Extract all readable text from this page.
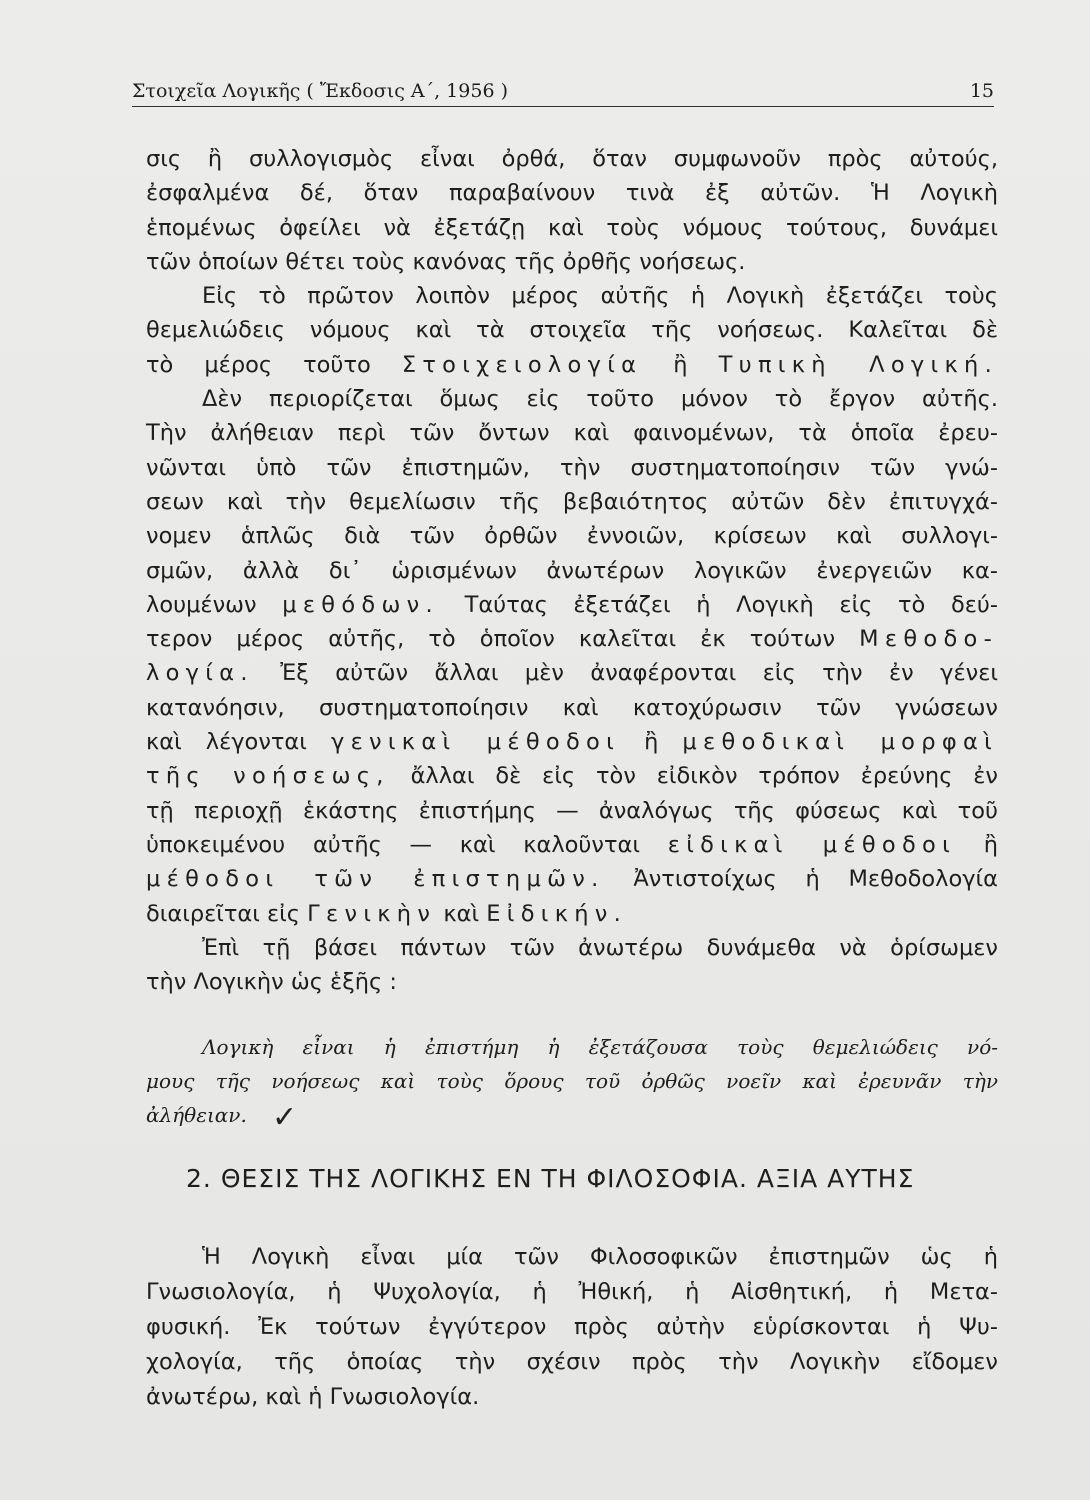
Στοιχεῖα Λογικῆς ( Ἔκδοσις Α΄, 1956 )	15
σις ἢ συλλογισμὸς εἶναι ὀρθά, ὅταν συμφωνοῦν πρὸς αὐτούς,
ἐσφαλμένα δέ, ὅταν παραβαίνουν τινὰ ἐξ αὐτῶν. Ἡ Λογικὴ
ἑπομένως ὀφείλει νὰ ἐξετάζῃ καὶ τοὺς νόμους τούτους, δυνάμει
τῶν ὁποίων θέτει τοὺς κανόνας τῆς ὀρθῆς νοήσεως.
Εἰς τὸ πρῶτον λοιπὸν μέρος αὐτῆς ἡ Λογικὴ ἐξετάζει τοὺς
θεμελιώδεις νόμους καὶ τὰ στοιχεῖα τῆς νοήσεως. Καλεῖται δὲ
τὸ μέρος τοῦτο Στοιχειολογία ἢ Τυπικὴ Λογική.
Δὲν περιορίζεται ὅμως εἰς τοῦτο μόνον τὸ ἔργον αὐτῆς.
Τὴν ἀλήθειαν περὶ τῶν ὄντων καὶ φαινομένων, τὰ ὁποῖα ἐρευ-
νῶνται ὑπὸ τῶν ἐπιστημῶν, τὴν συστηματοποίησιν τῶν γνώ-
σεων καὶ τὴν θεμελίωσιν τῆς βεβαιότητος αὐτῶν δὲν ἐπιτυγχά-
νομεν ἁπλῶς διὰ τῶν ὀρθῶν ἐννοιῶν, κρίσεων καὶ συλλογι-
σμῶν, ἀλλὰ δι᾽ ὡρισμένων ἀνωτέρων λογικῶν ἐνεργειῶν κα-
λουμένων μεθόδων. Ταύτας ἐξετάζει ἡ Λογικὴ εἰς τὸ δεύ-
τερον μέρος αὐτῆς, τὸ ὁποῖον καλεῖται ἐκ τούτων Μεθοδο-
λογία. Ἐξ αὐτῶν ἄλλαι μὲν ἀναφέρονται εἰς τὴν ἐν γένει
κατανόησιν, συστηματοποίησιν καὶ κατοχύρωσιν τῶν γνώσεων
καὶ λέγονται γενικαὶ μέθοδοι ἢ μεθοδικαὶ μορφαὶ
τῆς νοήσεως, ἄλλαι δὲ εἰς τὸν εἰδικὸν τρόπον ἐρεύνης ἐν
τῇ περιοχῇ ἑκάστης ἐπιστήμης — ἀναλόγως τῆς φύσεως καὶ τοῦ
ὑποκειμένου αὐτῆς — καὶ καλοῦνται εἰδικαὶ μέθοδοι ἢ
μέθοδοι τῶν ἐπιστημῶν. Ἀντιστοίχως ἡ Μεθοδολογία
διαιρεῖται εἰς Γενικὴν καὶ Εἰδικήν.
Ἐπὶ τῇ βάσει πάντων τῶν ἀνωτέρω δυνάμεθα νὰ ὁρίσωμεν
τὴν Λογικὴν ὡς ἑξῆς :
Λογικὴ εἶναι ἡ ἐπιστήμη ἡ ἐξετάζουσα τοὺς θεμελιώδεις νό-
μους τῆς νοήσεως καὶ τοὺς ὅρους τοῦ ὀρθῶς νοεῖν καὶ ἐρευνᾶν τὴν
ἀλήθειαν. ✓
2. ΘΕΣΙΣ ΤΗΣ ΛΟΓΙΚΗΣ ΕΝ ΤΗ ΦΙΛΟΣΟΦΙΑ. ΑΞΙΑ ΑΥΤΗΣ
Ἡ Λογικὴ εἶναι μία τῶν Φιλοσοφικῶν ἐπιστημῶν ὡς ἡ
Γνωσιολογία, ἡ Ψυχολογία, ἡ Ἠθική, ἡ Αἰσθητική, ἡ Μετα-
φυσική. Ἐκ τούτων ἐγγύτερον πρὸς αὐτὴν εὑρίσκονται ἡ Ψυ-
χολογία, τῆς ὁποίας τὴν σχέσιν πρὸς τὴν Λογικὴν εἴδομεν
ἀνωτέρω, καὶ ἡ Γνωσιολογία.
